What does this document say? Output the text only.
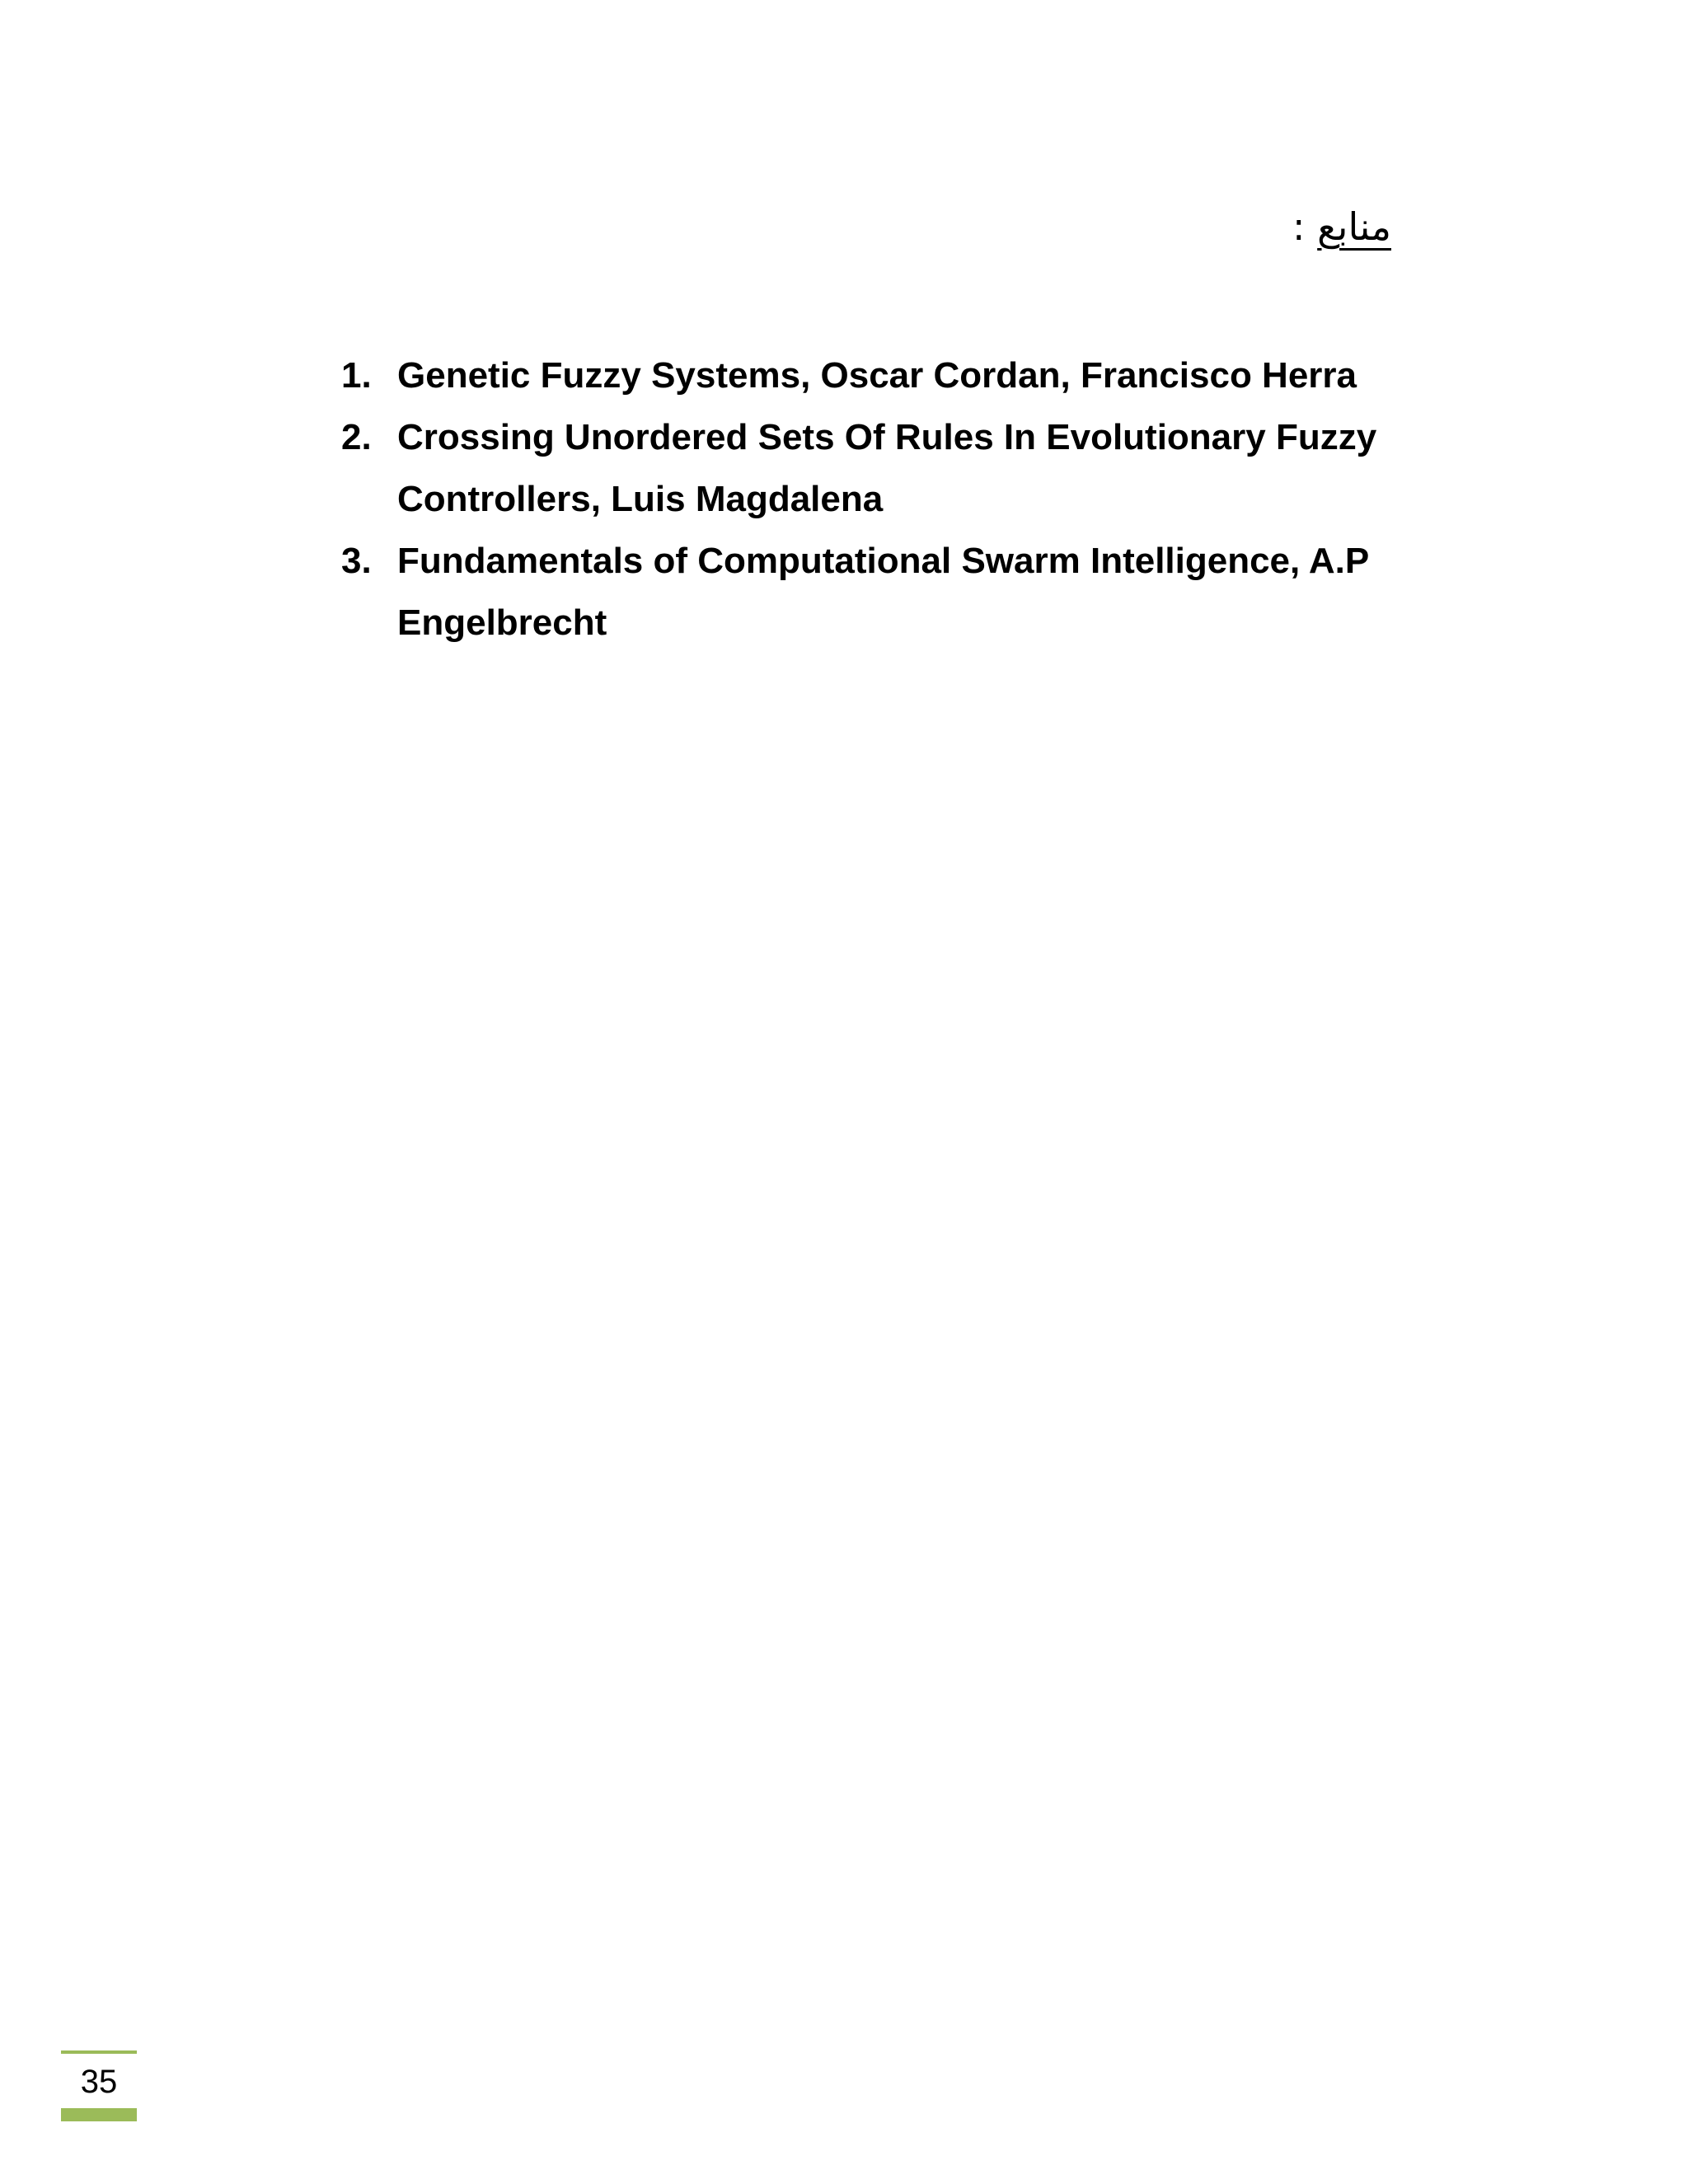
منابع :
1. Genetic Fuzzy Systems, Oscar Cordan, Francisco Herra
2. Crossing Unordered Sets Of Rules In Evolutionary Fuzzy Controllers, Luis Magdalena
3. Fundamentals of Computational Swarm Intelligence, A.P Engelbrecht
35
